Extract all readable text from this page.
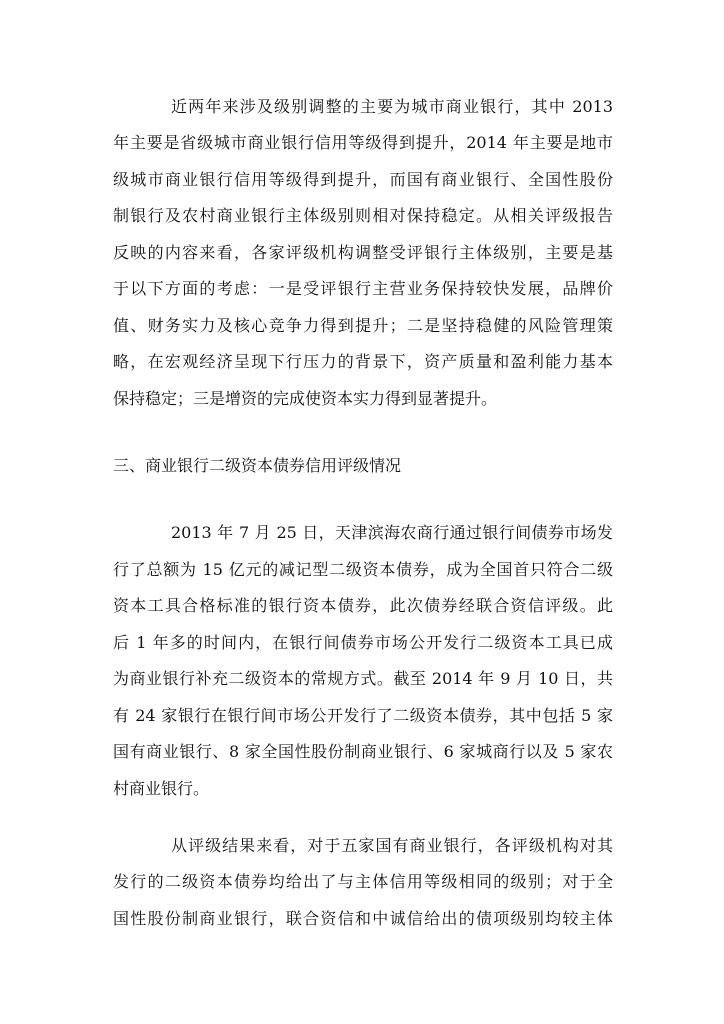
近两年来涉及级别调整的主要为城市商业银行，其中 2013
年主要是省级城市商业银行信用等级得到提升，2014 年主要是地市
级城市商业银行信用等级得到提升，而国有商业银行、全国性股份
制银行及农村商业银行主体级别则相对保持稳定。从相关评级报告
反映的内容来看，各家评级机构调整受评银行主体级别，主要是基
于以下方面的考虑：一是受评银行主营业务保持较快发展，品牌价
值、财务实力及核心竞争力得到提升；二是坚持稳健的风险管理策
略，在宏观经济呈现下行压力的背景下，资产质量和盈利能力基本
保持稳定；三是增资的完成使资本实力得到显著提升。
三、商业银行二级资本债券信用评级情况
2013 年 7 月 25 日，天津滨海农商行通过银行间债券市场发
行了总额为 15 亿元的减记型二级资本债券，成为全国首只符合二级
资本工具合格标准的银行资本债券，此次债券经联合资信评级。此
后 1 年多的时间内，在银行间债券市场公开发行二级资本工具已成
为商业银行补充二级资本的常规方式。截至 2014 年 9 月 10 日，共
有 24 家银行在银行间市场公开发行了二级资本债券，其中包括 5 家
国有商业银行、8 家全国性股份制商业银行、6 家城商行以及 5 家农
村商业银行。
从评级结果来看，对于五家国有商业银行，各评级机构对其
发行的二级资本债券均给出了与主体信用等级相同的级别；对于全
国性股份制商业银行，联合资信和中诚信给出的债项级别均较主体
